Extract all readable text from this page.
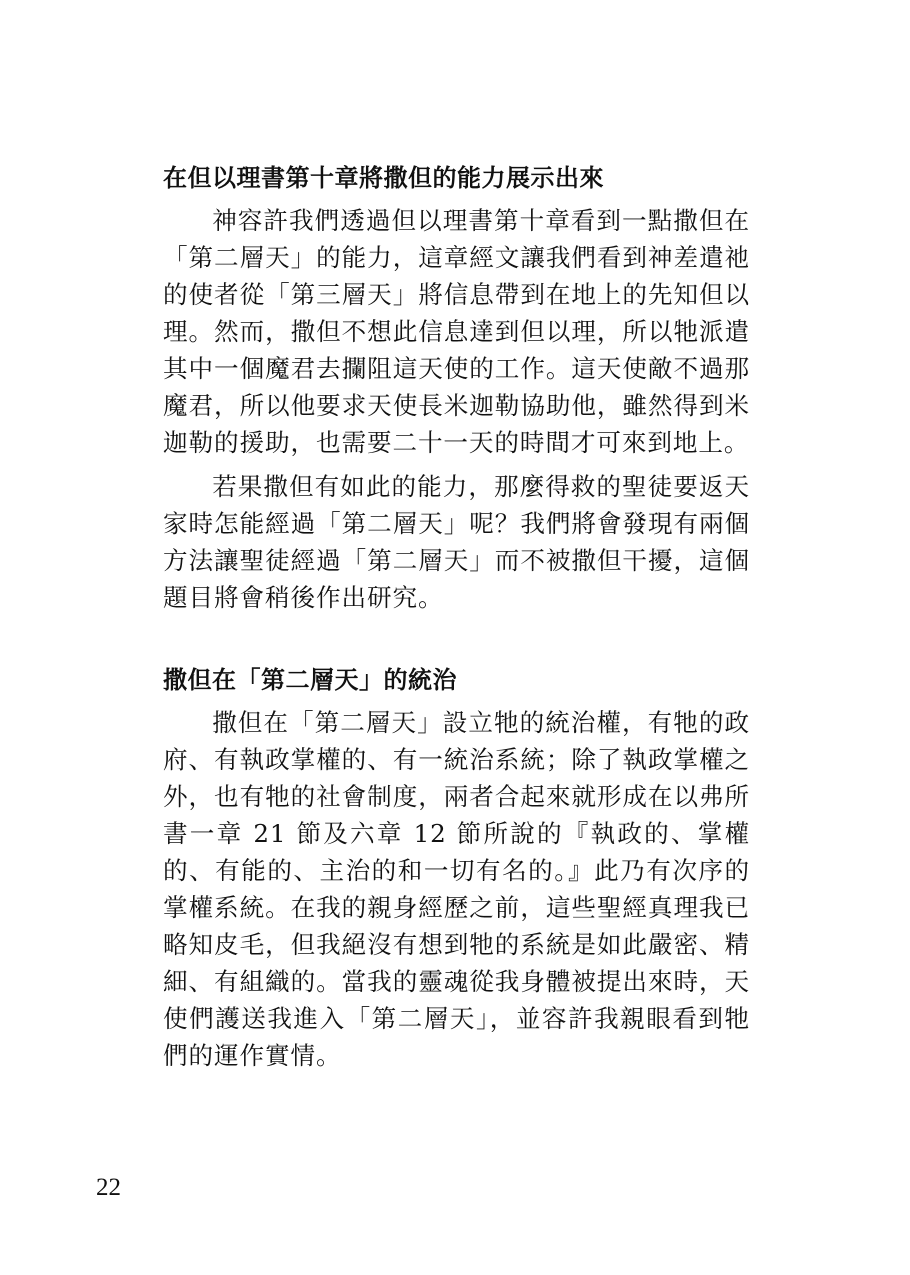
在但以理書第十章將撒但的能力展示出來

神容許我們透過但以理書第十章看到一點撒但在「第二層天」的能力，這章經文讓我們看到神差遣祂的使者從「第三層天」將信息帶到在地上的先知但以理。然而，撒但不想此信息達到但以理，所以牠派遣其中一個魔君去攔阻這天使的工作。這天使敵不過那魔君，所以他要求天使長米迦勒協助他，雖然得到米迦勒的援助，也需要二十一天的時間才可來到地上。

若果撒但有如此的能力，那麼得救的聖徒要返天家時怎能經過「第二層天」呢？我們將會發現有兩個方法讓聖徒經過「第二層天」而不被撒但干擾，這個題目將會稍後作出研究。

撒但在「第二層天」的統治

撒但在「第二層天」設立牠的統治權，有牠的政府、有執政掌權的、有一統治系統；除了執政掌權之外，也有牠的社會制度，兩者合起來就形成在以弗所書一章 21 節及六章 12 節所說的『執政的、掌權的、有能的、主治的和一切有名的。』此乃有次序的掌權系統。在我的親身經歷之前，這些聖經真理我已略知皮毛，但我絕沒有想到牠的系統是如此嚴密、精細、有組織的。當我的靈魂從我身體被提出來時，天使們護送我進入「第二層天」，並容許我親眼看到牠們的運作實情。

22
